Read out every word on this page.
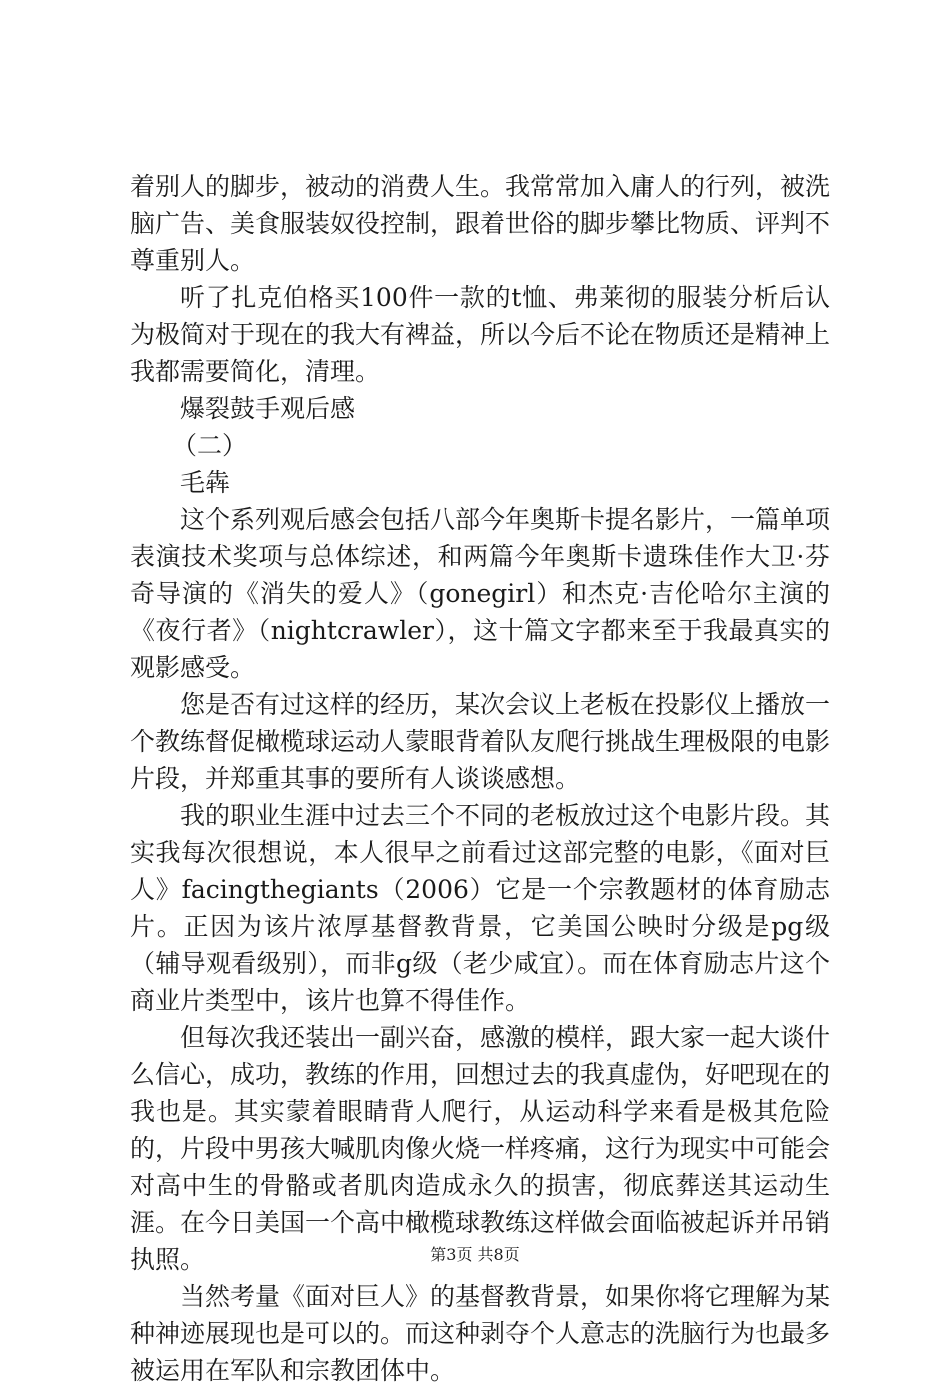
着别人的脚步，被动的消费人生。我常常加入庸人的行列，被洗脑广告、美食服装奴役控制，跟着世俗的脚步攀比物质、评判不尊重别人。

听了扎克伯格买100件一款的t恤、弗莱彻的服装分析后认为极简对于现在的我大有裨益，所以今后不论在物质还是精神上我都需要简化，清理。

爆裂鼓手观后感

（二）

毛犇

这个系列观后感会包括八部今年奥斯卡提名影片，一篇单项表演技术奖项与总体综述，和两篇今年奥斯卡遗珠佳作大卫·芬奇导演的《消失的爱人》（gonegirl）和杰克·吉伦哈尔主演的《夜行者》（nightcrawler），这十篇文字都来至于我最真实的观影感受。

您是否有过这样的经历，某次会议上老板在投影仪上播放一个教练督促橄榄球运动人蒙眼背着队友爬行挑战生理极限的电影片段，并郑重其事的要所有人谈谈感想。

我的职业生涯中过去三个不同的老板放过这个电影片段。其实我每次很想说，本人很早之前看过这部完整的电影，《面对巨人》facingthegiants（2006）它是一个宗教题材的体育励志片。正因为该片浓厚基督教背景，它美国公映时分级是pg级（辅导观看级别），而非g级（老少咸宜）。而在体育励志片这个商业片类型中，该片也算不得佳作。

但每次我还装出一副兴奋，感激的模样，跟大家一起大谈什么信心，成功，教练的作用，回想过去的我真虚伪，好吧现在的我也是。其实蒙着眼睛背人爬行，从运动科学来看是极其危险的，片段中男孩大喊肌肉像火烧一样疼痛，这行为现实中可能会对高中生的骨骼或者肌肉造成永久的损害，彻底葬送其运动生涯。在今日美国一个高中橄榄球教练这样做会面临被起诉并吊销执照。

当然考量《面对巨人》的基督教背景，如果你将它理解为某种神迹展现也是可以的。而这种剥夺个人意志的洗脑行为也最多被运用在军队和宗教团体中。

第3页 共8页
